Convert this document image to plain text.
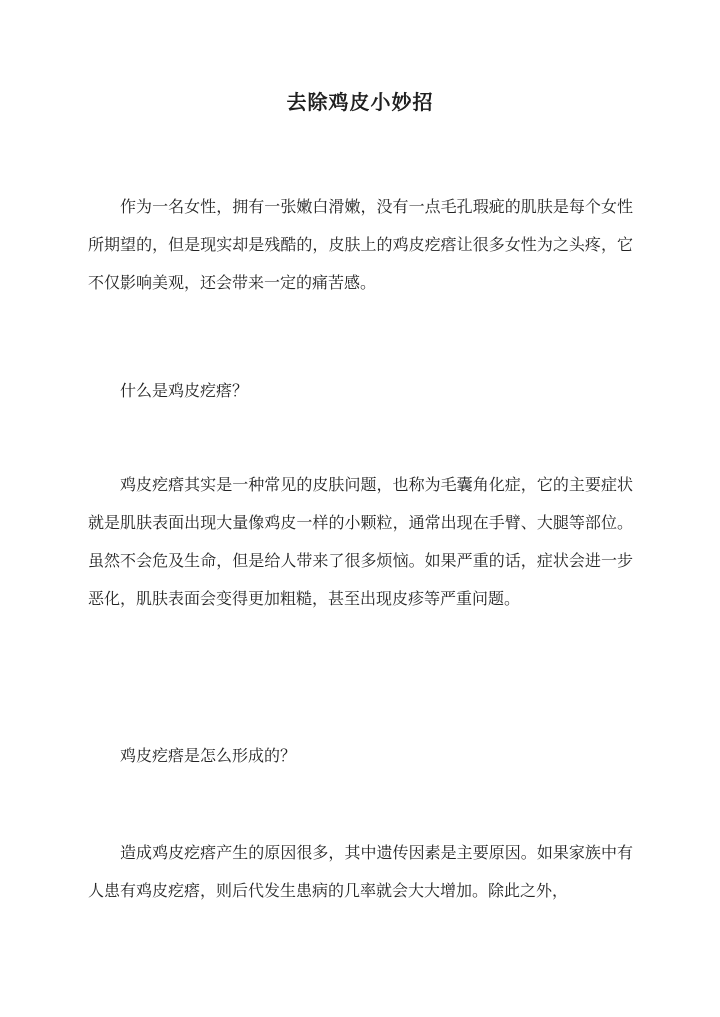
去除鸡皮小妙招

作为一名女性，拥有一张嫩白滑嫩，没有一点毛孔瑕疵的肌肤是每个女性所期望的，但是现实却是残酷的，皮肤上的鸡皮疙瘩让很多女性为之头疼，它不仅影响美观，还会带来一定的痛苦感。

什么是鸡皮疙瘩？

鸡皮疙瘩其实是一种常见的皮肤问题，也称为毛囊角化症，它的主要症状就是肌肤表面出现大量像鸡皮一样的小颗粒，通常出现在手臂、大腿等部位。虽然不会危及生命，但是给人带来了很多烦恼。如果严重的话，症状会进一步恶化，肌肤表面会变得更加粗糙，甚至出现皮疹等严重问题。

鸡皮疙瘩是怎么形成的？

造成鸡皮疙瘩产生的原因很多，其中遗传因素是主要原因。如果家族中有人患有鸡皮疙瘩，则后代发生患病的几率就会大大增加。除此之外，
